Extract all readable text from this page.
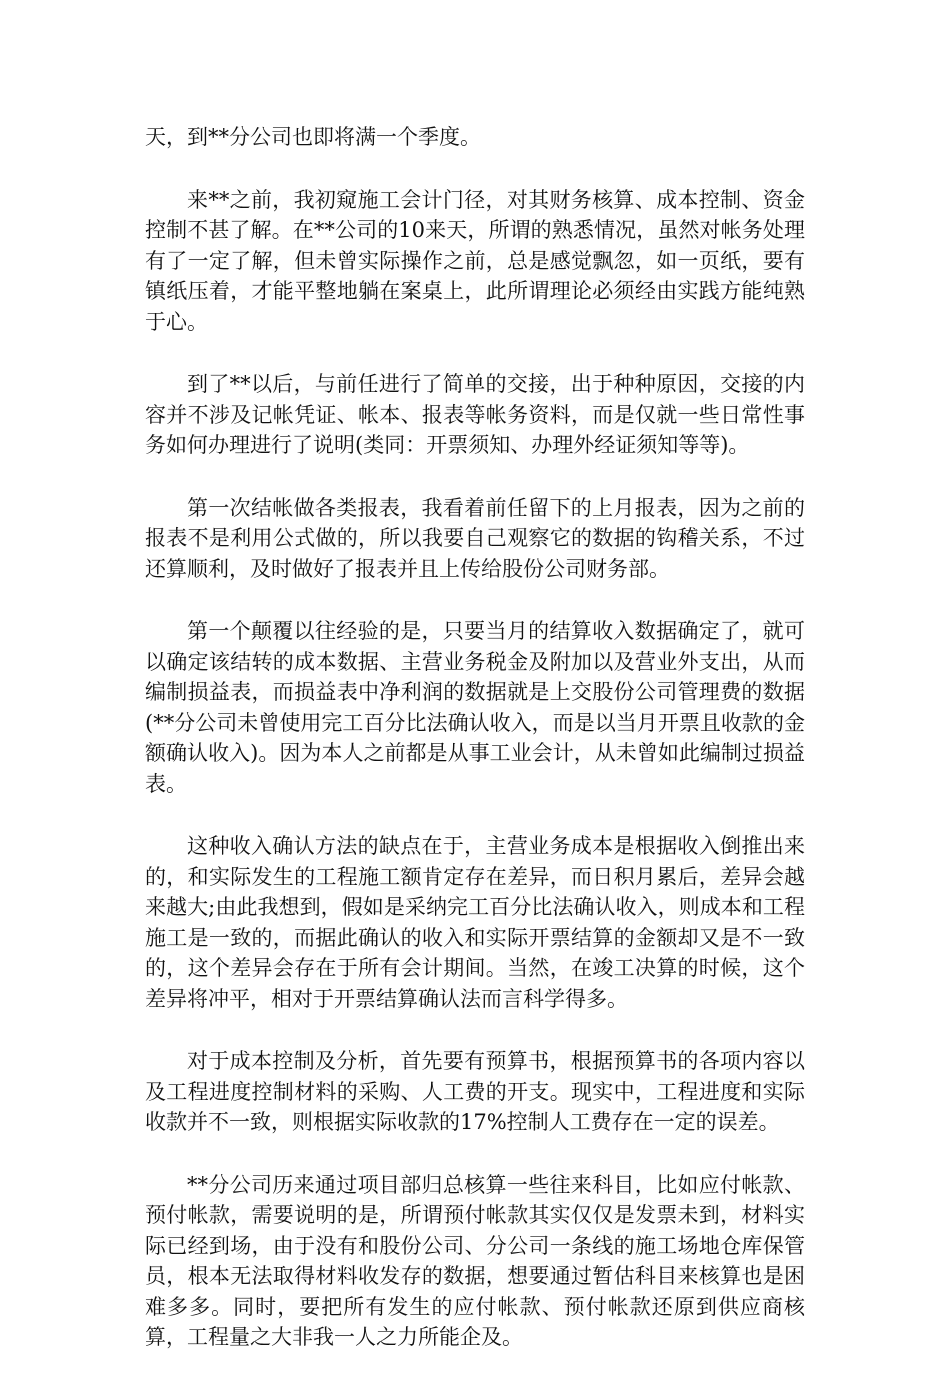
天，到**分公司也即将满一个季度。

来**之前，我初窥施工会计门径，对其财务核算、成本控制、资金控制不甚了解。在**公司的10来天，所谓的熟悉情况，虽然对帐务处理有了一定了解，但未曾实际操作之前，总是感觉飘忽，如一页纸，要有镇纸压着，才能平整地躺在案桌上，此所谓理论必须经由实践方能纯熟于心。

到了**以后，与前任进行了简单的交接，出于种种原因，交接的内容并不涉及记帐凭证、帐本、报表等帐务资料，而是仅就一些日常性事务如何办理进行了说明(类同：开票须知、办理外经证须知等等)。

第一次结帐做各类报表，我看着前任留下的上月报表，因为之前的报表不是利用公式做的，所以我要自己观察它的数据的钩稽关系，不过还算顺利，及时做好了报表并且上传给股份公司财务部。

第一个颠覆以往经验的是，只要当月的结算收入数据确定了，就可以确定该结转的成本数据、主营业务税金及附加以及营业外支出，从而编制损益表，而损益表中净利润的数据就是上交股份公司管理费的数据(**分公司未曾使用完工百分比法确认收入，而是以当月开票且收款的金额确认收入)。因为本人之前都是从事工业会计，从未曾如此编制过损益表。

这种收入确认方法的缺点在于，主营业务成本是根据收入倒推出来的，和实际发生的工程施工额肯定存在差异，而日积月累后，差异会越来越大;由此我想到，假如是采纳完工百分比法确认收入，则成本和工程施工是一致的，而据此确认的收入和实际开票结算的金额却又是不一致的，这个差异会存在于所有会计期间。当然，在竣工决算的时候，这个差异将冲平，相对于开票结算确认法而言科学得多。

对于成本控制及分析，首先要有预算书，根据预算书的各项内容以及工程进度控制材料的采购、人工费的开支。现实中，工程进度和实际收款并不一致，则根据实际收款的17%控制人工费存在一定的误差。

**分公司历来通过项目部归总核算一些往来科目，比如应付帐款、预付帐款，需要说明的是，所谓预付帐款其实仅仅是发票未到，材料实际已经到场，由于没有和股份公司、分公司一条线的施工场地仓库保管员，根本无法取得材料收发存的数据，想要通过暂估科目来核算也是困难多多。同时，要把所有发生的应付帐款、预付帐款还原到供应商核算，工程量之大非我一人之力所能企及。
